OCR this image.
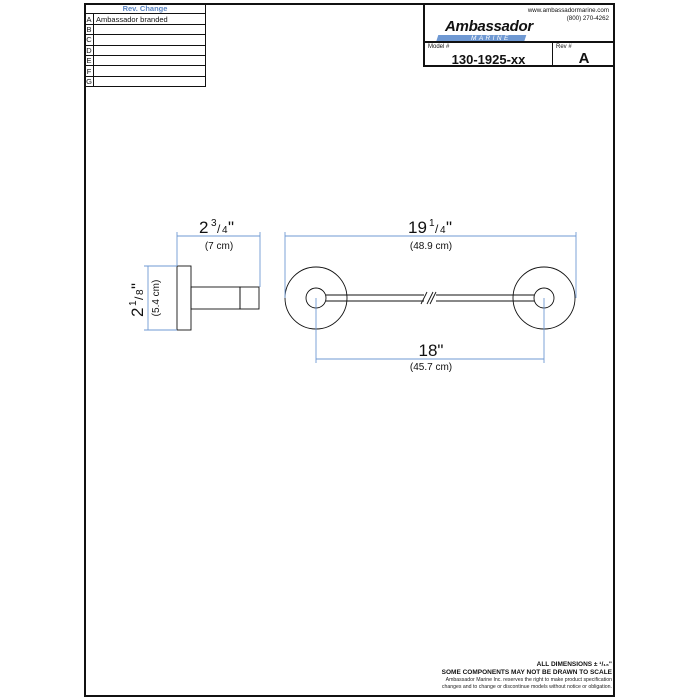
Rev. Change	
A	Ambassador branded
B	
C	
D	
E	
F	
G	
Ambassador
MARINE
www.ambassadormarine.com
(800) 270-4262
Model #
130-1925-xx
Rev #
A
2 3 / 4 "
(7 cm)
2
1
/
8
" (5.4 cm)
19 1 / 4 "
(48.9 cm)
18"
(45.7 cm)
ALL DIMENSIONS ± ¹/₁₆"
SOME COMPONENTS MAY NOT BE DRAWN TO SCALE
Ambassador Marine Inc. reserves the right to make product specification
changes and to change or discontinue models without notice or obligation.
